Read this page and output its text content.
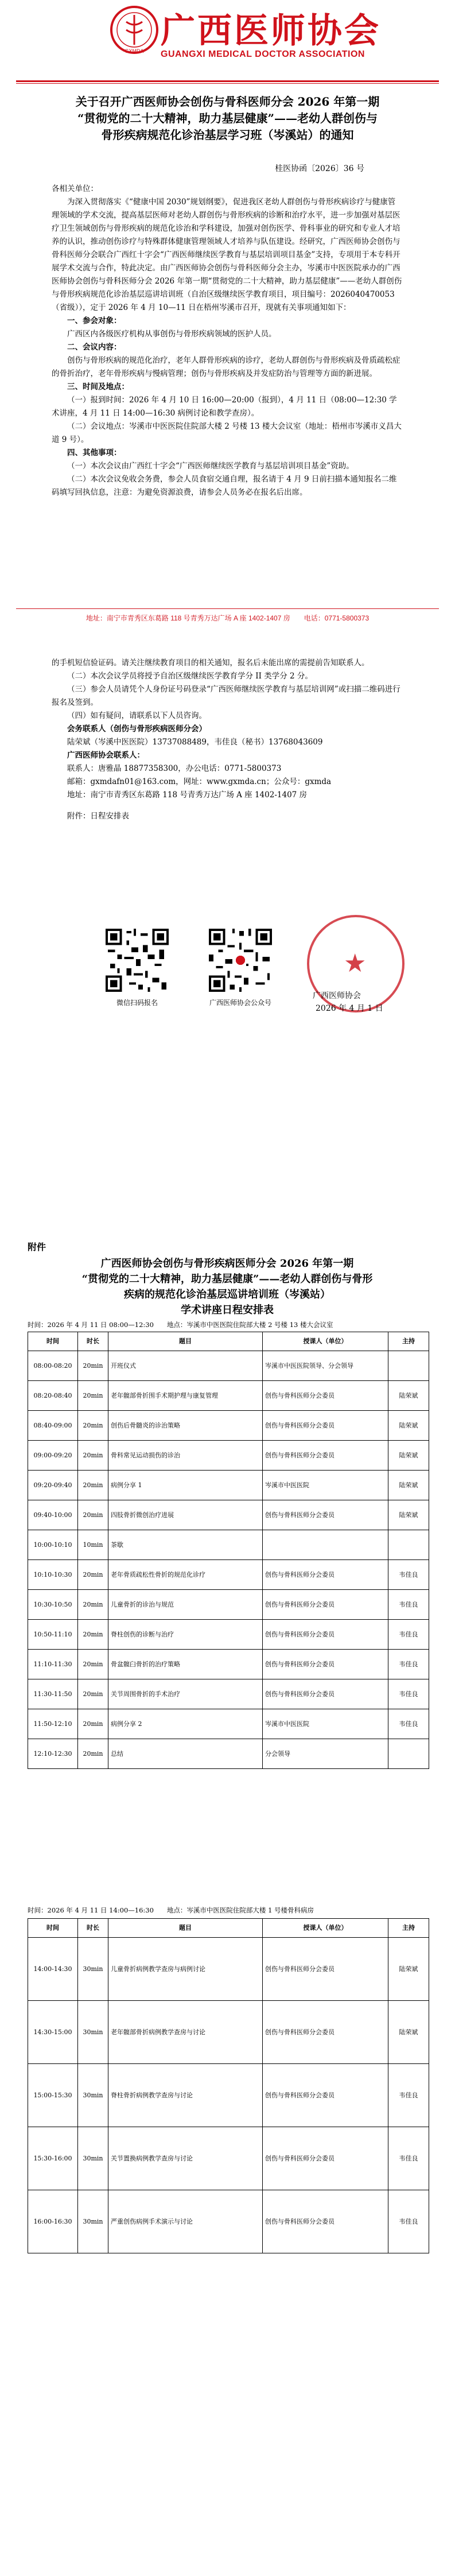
GXMDA 广西医师协会
GUANGXI MEDICAL DOCTOR ASSOCIATION
关于召开广西医师协会创伤与骨科医师分会 2026 年第一期
“贯彻党的二十大精神，助力基层健康”——老幼人群创伤与
骨形疾病规范化诊治基层学习班（岑溪站）的通知
桂医协函〔2026〕36 号

各相关单位：

为深入贯彻落实《“健康中国 2030”规划纲要》，促进我区老幼人群创伤与骨形疾病诊疗与健康管理领域的学术交流，提高基层医师对老幼人群创伤与骨形疾病的诊断和治疗水平，进一步加强对基层医疗卫生领域创伤与骨形疾病的规范化诊治和学科建设，加强对创伤医学、骨科事业的研究和专业人才培养的认识，推动创伤诊疗与特殊群体健康管理领域人才培养与队伍建设。经研究，广西医师协会创伤与骨科医师分会联合广西红十字会“广西医师继续医学教育与基层培训项目基金”支持，专项用于本专科开展学术交流与合作，特此决定。由广西医师协会创伤与骨科医师分会主办，岑溪市中医医院承办的广西医师协会创伤与骨科医师分会 2026 年第一期“贯彻党的二十大精神，助力基层健康”——老幼人群创伤与骨形疾病规范化诊治基层巡讲培训班（自治区级继续医学教育项目，项目编号：2026040470053（省级）），定于 2026 年 4 月 10—11 日在梧州岑溪市召开，现就有关事项通知如下：

一、参会对象：

广西区内各级医疗机构从事创伤与骨形疾病领域的医护人员。

二、会议内容：

创伤与骨形疾病的规范化治疗，老年人群骨形疾病的诊疗，老幼人群创伤与骨形疾病及骨质疏松症的骨折治疗，老年骨形疾病与慢病管理；创伤与骨形疾病及并发症防治与管理等方面的新进展。

三、时间及地点：

（一）报到时间：2026 年 4 月 10 日 16:00—20:00（报到），4 月 11 日（08:00—12:30 学术讲座，4 月 11 日 14:00—16:30 病例讨论和教学查房）。

（二）会议地点：岑溪市中医医院住院部大楼 2 号楼 13 楼大会议室（地址：梧州市岑溪市义昌大道 9 号）。

四、其他事项：

（一）本次会议由广西红十字会“广西医师继续医学教育与基层培训项目基金”资助。

（二）本次会议免收会务费，参会人员食宿交通自理，报名请于 4 月 9 日前扫描本通知报名二维码填写回执信息，注意：为避免资源浪费，请参会人员务必在报名后出席。

地址：南宁市青秀区东葛路 118 号青秀万达广场 A 座 1402-1407 房　　电话：0771-5800373

的手机短信验证码。请关注继续教育项目的相关通知，报名后未能出席的需提前告知联系人。

（二）本次会议学员将授予自治区级继续医学教育学分 II 类学分 2 分。

（三）参会人员请凭个人身份证号码登录“广西医师继续医学教育与基层培训网”或扫描二维码进行报名及签到。

（四）如有疑问，请联系以下人员咨询。

会务联系人（创伤与骨形疾病医师分会）

陆荣斌（岑溪中医医院）13737088489，韦佳良（秘书）13768043609

广西医师协会联系人：

联系人：唐雅晶 18877358300，办公电话：0771-5800373

邮箱：gxmdafn01@163.com，网址：www.gxmda.cn；公众号：gxmda

地址：南宁市青秀区东葛路 118 号青秀万达广场 A 座 1402-1407 房

附件：日程安排表

微信扫码报名	广西医师协会公众号
★
广西医师协会
2026 年 4 月 1 日
附件
广西医师协会创伤与骨形疾病医师分会 2026 年第一期
“贯彻党的二十大精神，助力基层健康”——老幼人群创伤与骨形
疾病的规范化诊治基层巡讲培训班（岑溪站）
学术讲座日程安排表
时间：2026 年 4 月 11 日 08:00—12:30　　地点：岑溪市中医医院住院部大楼 2 号楼 13 楼大会议室
时间	时长	题目	授课人（单位）	主持
08:00-08:20	20min	开班仪式	岑溪市中医医院领导、分会领导	
08:20-08:40	20min	老年髋部骨折围手术期护理与康复管理	创伤与骨科医师分会委员	陆荣斌
08:40-09:00	20min	创伤后骨髓炎的诊治策略	创伤与骨科医师分会委员	陆荣斌
09:00-09:20	20min	骨科常见运动损伤的诊治	创伤与骨科医师分会委员	陆荣斌
09:20-09:40	20min	病例分享 1	岑溪市中医医院	陆荣斌
09:40-10:00	20min	四肢骨折微创治疗进展	创伤与骨科医师分会委员	陆荣斌
10:00-10:10	10min	茶歇		
10:10-10:30	20min	老年骨质疏松性骨折的规范化诊疗	创伤与骨科医师分会委员	韦佳良
10:30-10:50	20min	儿童骨折的诊治与规范	创伤与骨科医师分会委员	韦佳良
10:50-11:10	20min	脊柱创伤的诊断与治疗	创伤与骨科医师分会委员	韦佳良
11:10-11:30	20min	骨盆髋臼骨折的治疗策略	创伤与骨科医师分会委员	韦佳良
11:30-11:50	20min	关节周围骨折的手术治疗	创伤与骨科医师分会委员	韦佳良
11:50-12:10	20min	病例分享 2	岑溪市中医医院	韦佳良
12:10-12:30	20min	总结	分会领导	
时间：2026 年 4 月 11 日 14:00—16:30　　地点：岑溪市中医医院住院部大楼 1 号楼骨科病房
时间	时长	题目	授课人（单位）	主持
14:00-14:30	30min	儿童骨折病例教学查房与病例讨论	创伤与骨科医师分会委员	陆荣斌
14:30-15:00	30min	老年髋部骨折病例教学查房与讨论	创伤与骨科医师分会委员	陆荣斌
15:00-15:30	30min	脊柱骨折病例教学查房与讨论	创伤与骨科医师分会委员	韦佳良
15:30-16:00	30min	关节置换病例教学查房与讨论	创伤与骨科医师分会委员	韦佳良
16:00-16:30	30min	严重创伤病例手术演示与讨论	创伤与骨科医师分会委员	韦佳良
